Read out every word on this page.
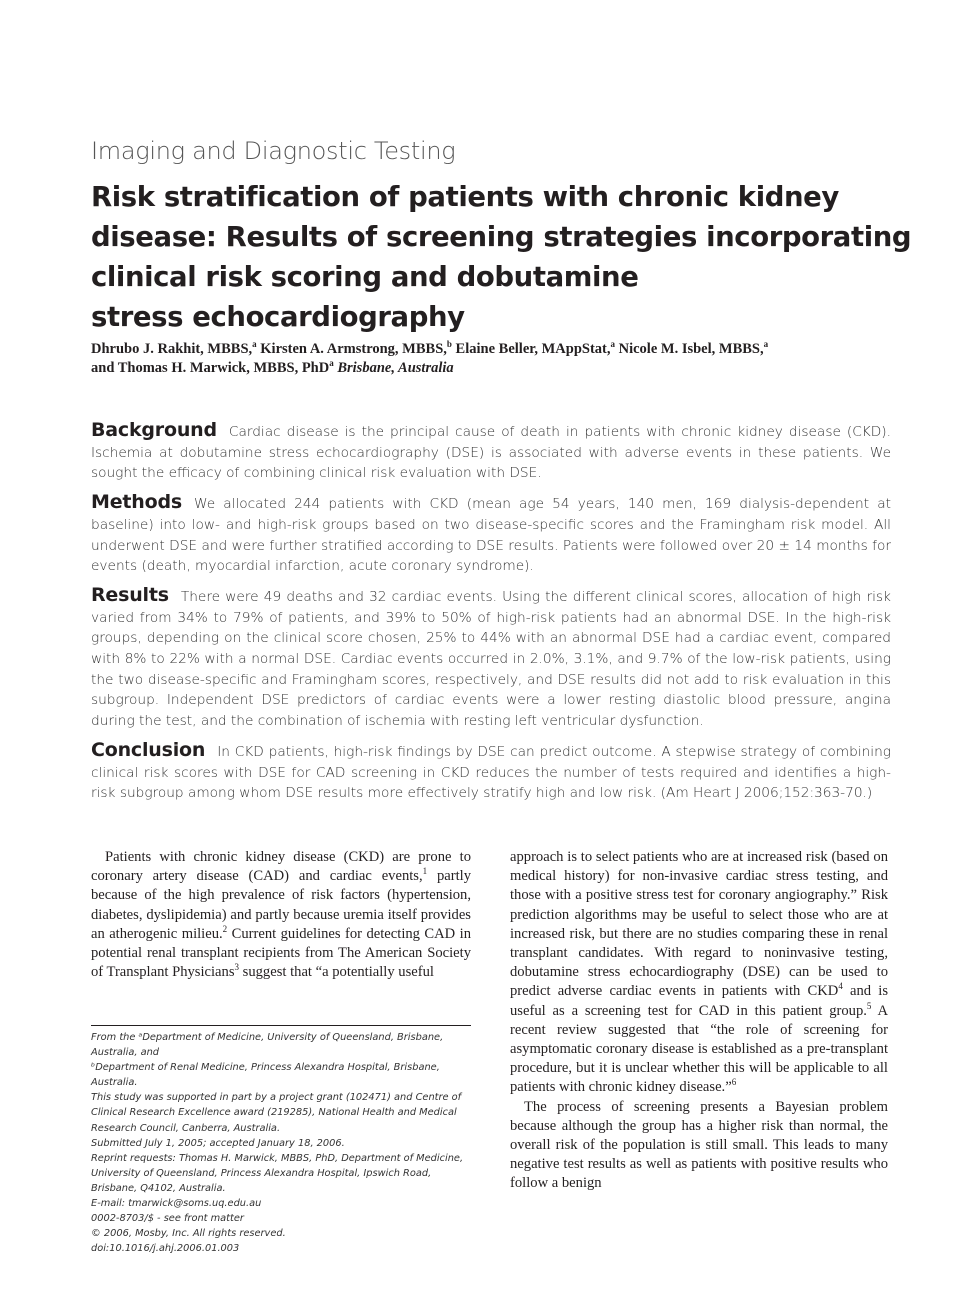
Imaging and Diagnostic Testing
Risk stratification of patients with chronic kidney
disease: Results of screening strategies incorporating
clinical risk scoring and dobutamine
stress echocardiography
Dhrubo J. Rakhit, MBBS,$^a$ Kirsten A. Armstrong, MBBS,$^b$ Elaine Beller, MAppStat,$^a$ Nicole M. Isbel, MBBS,$^a$
and Thomas H. Marwick, MBBS, PhD$^a$ Brisbane, Australia
Background Cardiac disease is the principal cause of death in patients with chronic kidney disease (CKD). Ischemia at dobutamine stress echocardiography (DSE) is associated with adverse events in these patients. We sought the efficacy of combining clinical risk evaluation with DSE.
Methods We allocated 244 patients with CKD (mean age 54 years, 140 men, 169 dialysis-dependent at baseline) into low- and high-risk groups based on two disease-specific scores and the Framingham risk model. All underwent DSE and were further stratified according to DSE results. Patients were followed over 20 ± 14 months for events (death, myocardial infarction, acute coronary syndrome).
Results There were 49 deaths and 32 cardiac events. Using the different clinical scores, allocation of high risk varied from 34% to 79% of patients, and 39% to 50% of high-risk patients had an abnormal DSE. In the high-risk groups, depending on the clinical score chosen, 25% to 44% with an abnormal DSE had a cardiac event, compared with 8% to 22% with a normal DSE. Cardiac events occurred in 2.0%, 3.1%, and 9.7% of the low-risk patients, using the two disease-specific and Framingham scores, respectively, and DSE results did not add to risk evaluation in this subgroup. Independent DSE predictors of cardiac events were a lower resting diastolic blood pressure, angina during the test, and the combination of ischemia with resting left ventricular dysfunction.
Conclusion In CKD patients, high-risk findings by DSE can predict outcome. A stepwise strategy of combining clinical risk scores with DSE for CAD screening in CKD reduces the number of tests required and identifies a high-risk subgroup among whom DSE results more effectively stratify high and low risk. (Am Heart J 2006;152:363-70.)

Patients with chronic kidney disease (CKD) are prone to coronary artery disease (CAD) and cardiac events,$^1$ partly because of the high prevalence of risk factors (hypertension, diabetes, dyslipidemia) and partly because uremia itself provides an atherogenic milieu.$^2$ Current guidelines for detecting CAD in potential renal transplant recipients from The American Society of Transplant Physicians$^3$ suggest that “a potentially useful

From the ᵃDepartment of Medicine, University of Queensland, Brisbane, Australia, and
ᵇDepartment of Renal Medicine, Princess Alexandra Hospital, Brisbane, Australia.
This study was supported in part by a project grant (102471) and Centre of Clinical Research Excellence award (219285), National Health and Medical Research Council, Canberra, Australia.
Submitted July 1, 2005; accepted January 18, 2006.
Reprint requests: Thomas H. Marwick, MBBS, PhD, Department of Medicine, University of Queensland, Princess Alexandra Hospital, Ipswich Road, Brisbane, Q4102, Australia.
E-mail: tmarwick@soms.uq.edu.au
0002-8703/$ - see front matter
© 2006, Mosby, Inc. All rights reserved.
doi:10.1016/j.ahj.2006.01.003

approach is to select patients who are at increased risk (based on medical history) for non-invasive cardiac stress testing, and those with a positive stress test for coronary angiography.” Risk prediction algorithms may be useful to select those who are at increased risk, but there are no studies comparing these in renal transplant candidates. With regard to noninvasive testing, dobutamine stress echocardiography (DSE) can be used to predict adverse cardiac events in patients with CKD$^4$ and is useful as a screening test for CAD in this patient group.$^5$ A recent review suggested that “the role of screening for asymptomatic coronary disease is established as a pre-transplant procedure, but it is unclear whether this will be applicable to all patients with chronic kidney disease.”$^6$

The process of screening presents a Bayesian problem because although the group has a higher risk than normal, the overall risk of the population is still small. This leads to many negative test results as well as patients with positive results who follow a benign
